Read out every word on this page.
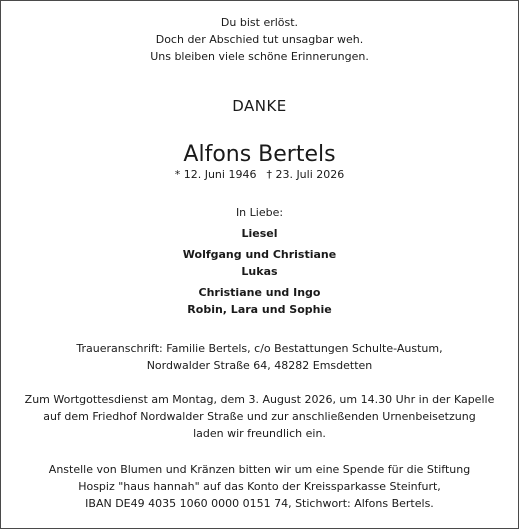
Du bist erlöst.
Doch der Abschied tut unsagbar weh.
Uns bleiben viele schöne Erinnerungen.
DANKE
Alfons Bertels
* 12. Juni 1946 † 23. Juli 2026
In Liebe:
Liesel
Wolfgang und Christiane
Lukas
Christiane und Ingo
Robin, Lara und Sophie
Traueranschrift: Familie Bertels, c/o Bestattungen Schulte-Austum,
Nordwalder Straße 64, 48282 Emsdetten
Zum Wortgottesdienst am Montag, dem 3. August 2026, um 14.30 Uhr in der Kapelle
auf dem Friedhof Nordwalder Straße und zur anschließenden Urnenbeisetzung
laden wir freundlich ein.
Anstelle von Blumen und Kränzen bitten wir um eine Spende für die Stiftung
Hospiz "haus hannah" auf das Konto der Kreissparkasse Steinfurt,
IBAN DE49 4035 1060 0000 0151 74, Stichwort: Alfons Bertels.
